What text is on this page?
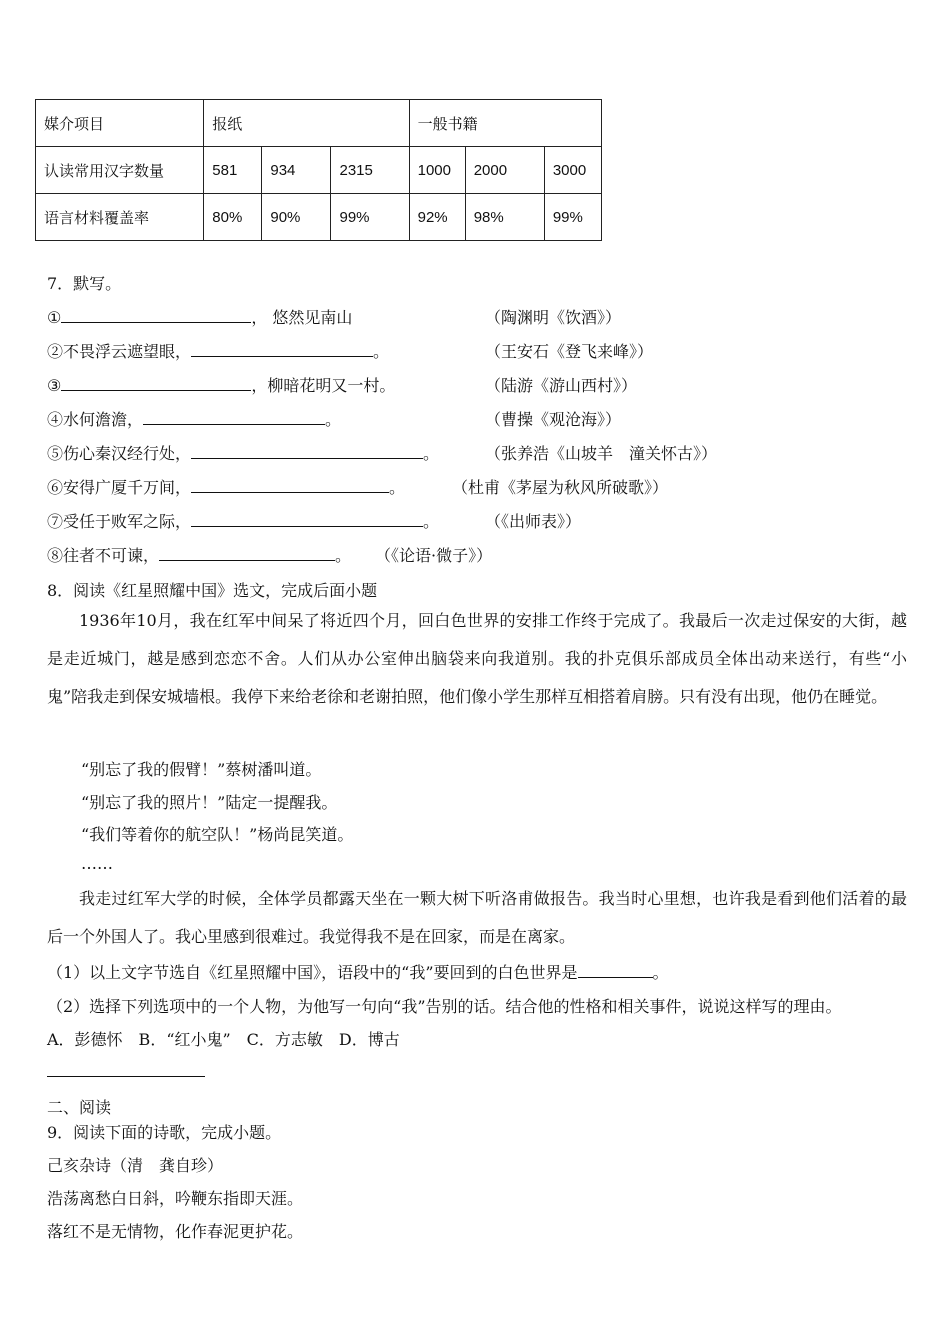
媒介项目	报纸			一般书籍		
认读常用汉字数量	581	934	2315	1000	2000	3000
语言材料覆盖率	80%	90%	99%	92%	98%	99%
7．默写。
①	， 悠然见南山	（陶渊明《饮酒》）
②不畏浮云遮望眼，	。	（王安石《登飞来峰》）
③	，柳暗花明又一村。	（陆游《游山西村》）
④水何澹澹，	。	（曹操《观沧海》）
⑤伤心秦汉经行处，	。	（张养浩《山坡羊　潼关怀古》）
⑥安得广厦千万间，	。	（杜甫《茅屋为秋风所破歌》）
⑦受任于败军之际，	。	（《出师表》）
⑧往者不可谏，	。 （《论语·微子》）
8．阅读《红星照耀中国》选文，完成后面小题
1936年10月，我在红军中间呆了将近四个月，回白色世界的安排工作终于完成了。我最后一次走过保安的大街，越是走近城门，越是感到恋恋不舍。人们从办公室伸出脑袋来向我道别。我的扑克俱乐部成员全体出动来送行，有些“小鬼”陪我走到保安城墙根。我停下来给老徐和老谢拍照，他们像小学生那样互相搭着肩膀。只有没有出现，他仍在睡觉。
“别忘了我的假臂！”蔡树潘叫道。
“别忘了我的照片！”陆定一提醒我。
“我们等着你的航空队！”杨尚昆笑道。
……
我走过红军大学的时候，全体学员都露天坐在一颗大树下听洛甫做报告。我当时心里想，也许我是看到他们活着的最后一个外国人了。我心里感到很难过。我觉得我不是在回家，而是在离家。
（1）以上文字节选自《红星照耀中国》，语段中的“我”要回到的白色世界是	。
（2）选择下列选项中的一个人物，为他写一句向“我”告别的话。结合他的性格和相关事件，说说这样写的理由。
A．彭德怀　B．“红小鬼”　C．方志敏　D．博古
二、阅读
9．阅读下面的诗歌，完成小题。
己亥杂诗（清　龚自珍）
浩荡离愁白日斜，吟鞭东指即天涯。
落红不是无情物，化作春泥更护花。
